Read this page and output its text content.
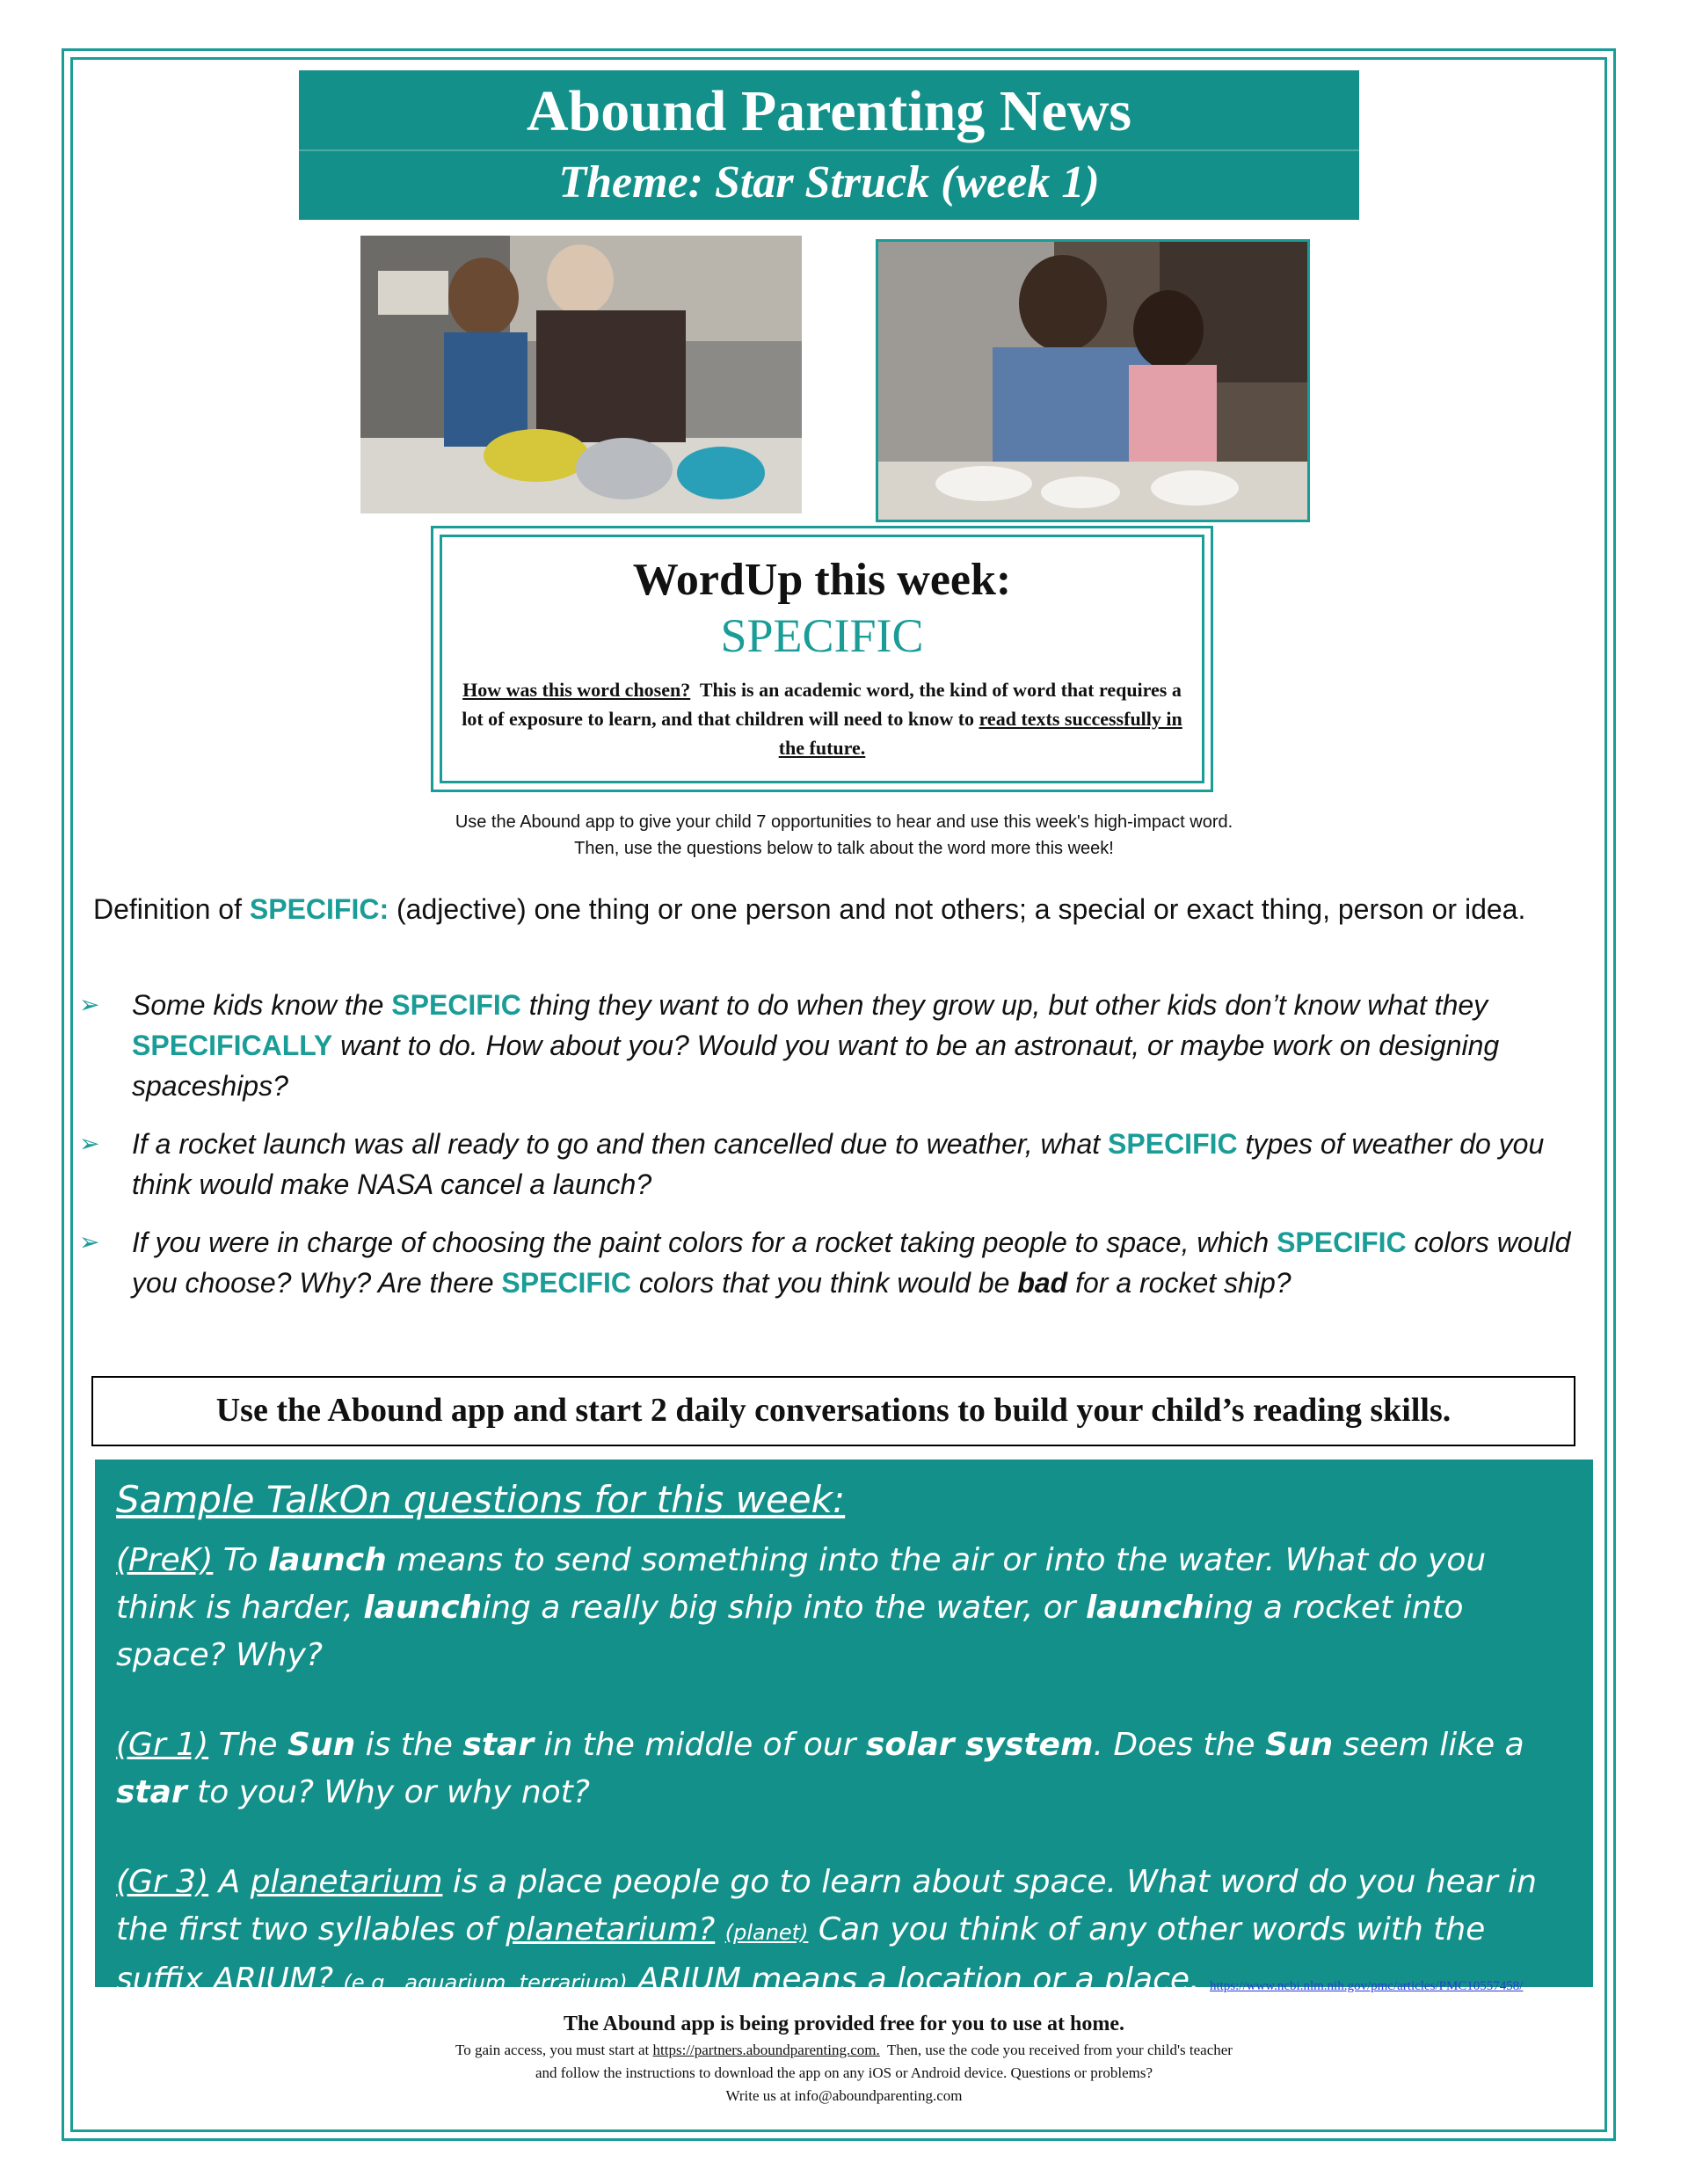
Abound Parenting News
Theme: Star Struck (week 1)
WordUp this week:
SPECIFIC
How was this word chosen? This is an academic word, the kind of word that requires a lot of exposure to learn, and that children will need to know to read texts successfully in the future.
Use the Abound app to give your child 7 opportunities to hear and use this week's high-impact word.
Then, use the questions below to talk about the word more this week!
Definition of SPECIFIC: (adjective) one thing or one person and not others; a special or exact thing, person or idea.
➢ Some kids know the SPECIFIC thing they want to do when they grow up, but other kids don’t know what they SPECIFICALLY want to do. How about you? Would you want to be an astronaut, or maybe work on designing spaceships?
➢ If a rocket launch was all ready to go and then cancelled due to weather, what SPECIFIC types of weather do you think would make NASA cancel a launch?
➢ If you were in charge of choosing the paint colors for a rocket taking people to space, which SPECIFIC colors would you choose? Why? Are there SPECIFIC colors that you think would be bad for a rocket ship?
Use the Abound app and start 2 daily conversations to build your child’s reading skills.
Sample TalkOn questions for this week:

(PreK) To launch means to send something into the air or into the water. What do you think is harder, launching a really big ship into the water, or launching a rocket into space? Why?

(Gr 1) The Sun is the star in the middle of our solar system. Does the Sun seem like a star to you? Why or why not?

(Gr 3) A planetarium is a place people go to learn about space. What word do you hear in the first two syllables of planetarium? (planet) Can you think of any other words with the suffix ARIUM? (e.g., aquarium, terrarium) ARIUM means a location or a place. https://www.ncbi.nlm.nih.gov/pmc/articles/PMC10557458/

The Abound app is being provided free for you to use at home.
To gain access, you must start at https://partners.aboundparenting.com. Then, use the code you received from your child's teacher
and follow the instructions to download the app on any iOS or Android device. Questions or problems?
Write us at info@aboundparenting.com
